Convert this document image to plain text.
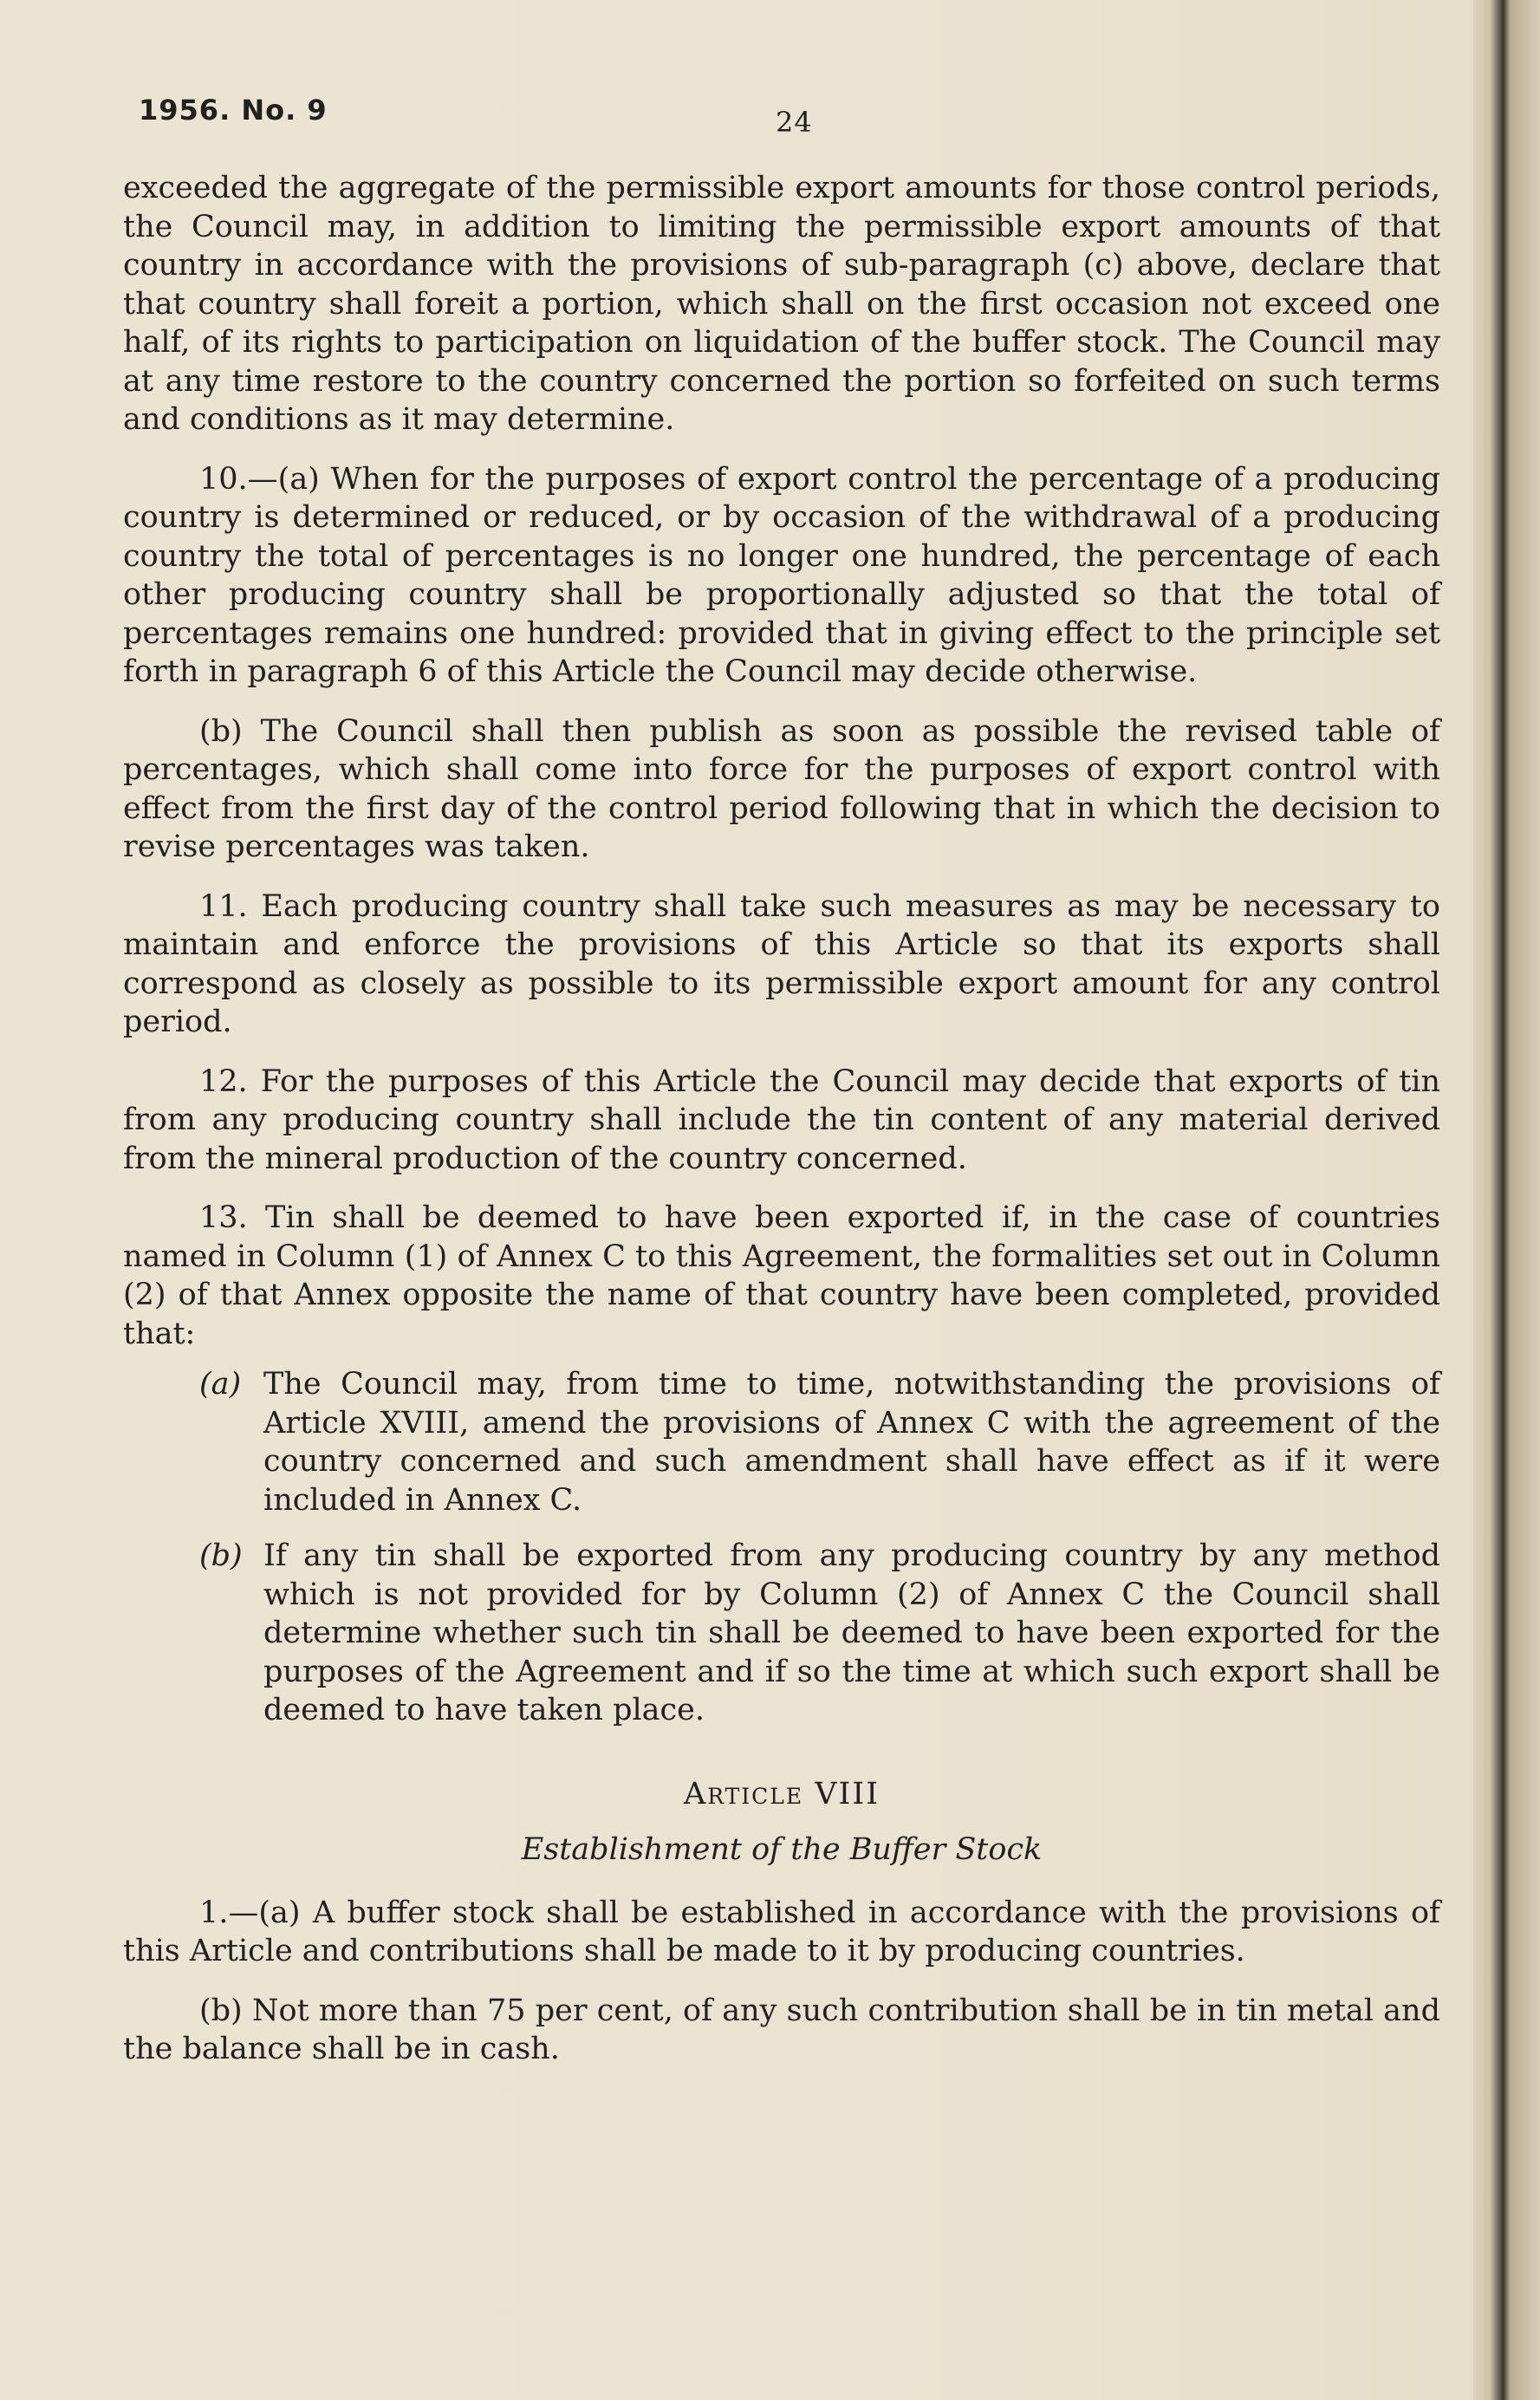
1956. No. 9	24

exceeded the aggregate of the permissible export amounts for those control periods, the Council may, in addition to limiting the permissible export amounts of that country in accordance with the provisions of sub-paragraph (c) above, declare that that country shall foreit a portion, which shall on the first occasion not exceed one half, of its rights to participation on liquidation of the buffer stock. The Council may at any time restore to the country concerned the portion so forfeited on such terms and conditions as it may determine.

10.—(a) When for the purposes of export control the percentage of a producing country is determined or reduced, or by occasion of the withdrawal of a producing country the total of percentages is no longer one hundred, the percentage of each other producing country shall be proportionally adjusted so that the total of percentages remains one hundred: provided that in giving effect to the principle set forth in paragraph 6 of this Article the Council may decide otherwise.

(b) The Council shall then publish as soon as possible the revised table of percentages, which shall come into force for the purposes of export control with effect from the first day of the control period following that in which the decision to revise percentages was taken.

11. Each producing country shall take such measures as may be necessary to maintain and enforce the provisions of this Article so that its exports shall correspond as closely as possible to its permissible export amount for any control period.

12. For the purposes of this Article the Council may decide that exports of tin from any producing country shall include the tin content of any material derived from the mineral production of the country concerned.

13. Tin shall be deemed to have been exported if, in the case of countries named in Column (1) of Annex C to this Agreement, the formalities set out in Column (2) of that Annex opposite the name of that country have been completed, provided that:

(a) The Council may, from time to time, notwithstanding the provisions of Article XVIII, amend the provisions of Annex C with the agreement of the country concerned and such amendment shall have effect as if it were included in Annex C.
(b) If any tin shall be exported from any producing country by any method which is not provided for by Column (2) of Annex C the Council shall determine whether such tin shall be deemed to have been exported for the purposes of the Agreement and if so the time at which such export shall be deemed to have taken place.
Article VIII
Establishment of the Buffer Stock

1.—(a) A buffer stock shall be established in accordance with the provisions of this Article and contributions shall be made to it by producing countries.

(b) Not more than 75 per cent, of any such contribution shall be in tin metal and the balance shall be in cash.
